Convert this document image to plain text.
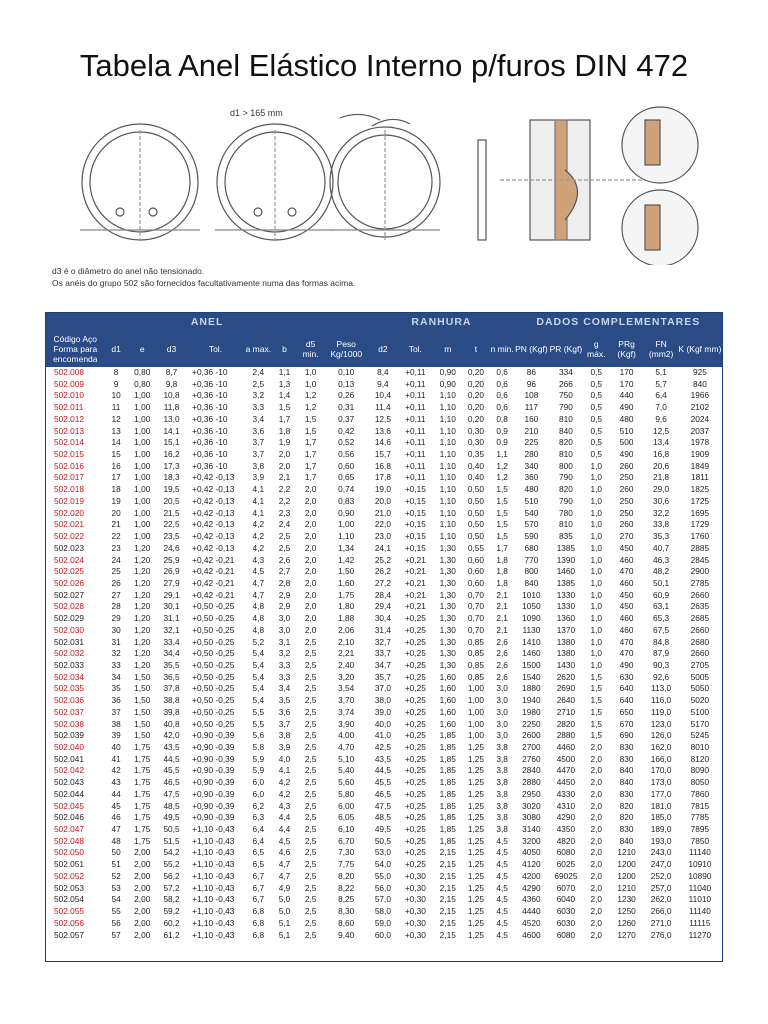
Tabela Anel Elástico Interno p/furos DIN 472
d1 > 165 mm
d3 é o diâmetro do anel não tensionado.
Os anéis do grupo 502 são fornecidos facultativamente numa das formas acima.
ANEL									RANHURA					DADOS COMPLEMENTARES					
Código Aço Forma para encomenda	d1	e	d3	Tol.	a max.	b	d5 min.	Peso Kg/1000	d2	Tol.	m	t	n min.	PN (Kgf)	PR (Kgf)	g máx.	PRg (Kgf)	FN (mm2)	K (Kgf mm)
502.008	8	0,80	8,7	+0,36 -10	2,4	1,1	1,0	0,10	8,4	+0,11	0,90	0,20	0,6	86	334	0,5	170	5,1	925
502.009	9	0,80	9,8	+0,36 -10	2,5	1,3	1,0	0,13	9,4	+0,11	0,90	0,20	0,6	96	266	0,5	170	5,7	840
502.010	10	1,00	10,8	+0,36 -10	3,2	1,4	1,2	0,26	10,4	+0,11	1,10	0,20	0,6	108	750	0,5	440	6,4	1966
502.011	11	1,00	11,8	+0,36 -10	3,3	1,5	1,2	0,31	11,4	+0,11	1,10	0,20	0,6	117	790	0,5	490	7,0	2102
502.012	12	1,00	13,0	+0,36 -10	3,4	1,7	1,5	0,37	12,5	+0,11	1,10	0,20	0,8	160	810	0,5	480	9,6	2024
502.013	13	1,00	14,1	+0,36 -10	3,6	1,8	1,5	0,42	13,6	+0,11	1,10	0,30	0,9	210	840	0,5	510	12,5	2037
502.014	14	1,00	15,1	+0,36 -10	3,7	1,9	1,7	0,52	14,6	+0,11	1,10	0,30	0,9	225	820	0,5	500	13,4	1978
502.015	15	1,00	16,2	+0,36 -10	3,7	2,0	1,7	0,56	15,7	+0,11	1,10	0,35	1,1	280	810	0,5	490	16,8	1909
502.016	16	1,00	17,3	+0,36 -10	3,8	2,0	1,7	0,60	16,8	+0,11	1,10	0,40	1,2	340	800	1,0	260	20,6	1849
502.017	17	1,00	18,3	+0,42 -0,13	3,9	2,1	1,7	0,65	17,8	+0,11	1,10	0,40	1,2	360	790	1,0	250	21,8	1811
502.018	18	1,00	19,5	+0,42 -0,13	4,1	2,2	2,0	0,74	19,0	+0,15	1,10	0,50	1,5	480	820	1,0	260	29,0	1825
502.019	19	1,00	20,5	+0,42 -0,13	4,1	2,2	2,0	0,83	20,0	+0,15	1,10	0,50	1,5	510	790	1,0	250	30,6	1725
502.020	20	1,00	21,5	+0,42 -0,13	4,1	2,3	2,0	0,90	21,0	+0,15	1,10	0,50	1,5	540	780	1,0	250	32,2	1695
502.021	21	1,00	22,5	+0,42 -0,13	4,2	2,4	2,0	1,00	22,0	+0,15	1,10	0,50	1,5	570	810	1,0	260	33,8	1729
502.022	22	1,00	23,5	+0,42 -0,13	4,2	2,5	2,0	1,10	23,0	+0,15	1,10	0,50	1,5	590	835	1,0	270	35,3	1760
502.023	23	1,20	24,6	+0,42 -0,13	4,2	2,5	2,0	1,34	24,1	+0,15	1,30	0,55	1,7	680	1385	1,0	450	40,7	2885
502.024	24	1,20	25,9	+0,42 -0,21	4,3	2,6	2,0	1,42	25,2	+0,21	1,30	0,60	1,8	770	1390	1,0	460	46,3	2845
502.025	25	1,20	26,9	+0,42 -0,21	4,5	2,7	2,0	1,50	26,2	+0,21	1,30	0,60	1,8	800	1460	1,0	470	48,2	2900
502.026	26	1,20	27,9	+0,42 -0,21	4,7	2,8	2,0	1,60	27,2	+0,21	1,30	0,60	1,8	840	1385	1,0	460	50,1	2785
502.027	27	1,20	29,1	+0,42 -0,21	4,7	2,9	2,0	1,75	28,4	+0,21	1,30	0,70	2,1	1010	1330	1,0	450	60,9	2660
502.028	28	1,20	30,1	+0,50 -0,25	4,8	2,9	2,0	1,80	29,4	+0,21	1,30	0,70	2,1	1050	1330	1,0	450	63,1	2635
502.029	29	1,20	31,1	+0,50 -0,25	4,8	3,0	2,0	1,88	30,4	+0,25	1,30	0,70	2,1	1090	1360	1,0	460	65,3	2685
502.030	30	1,20	32,1	+0,50 -0,25	4,8	3,0	2,0	2,06	31,4	+0,25	1,30	0,70	2,1	1130	1370	1,0	460	67,5	2660
502.031	31	1,20	33,4	+0,50 -0,25	5,2	3,1	2,5	2,10	32,7	+0,25	1,30	0,85	2,6	1410	1380	1,0	470	84,8	2680
502.032	32	1,20	34,4	+0,50 -0,25	5,4	3,2	2,5	2,21	33,7	+0,25	1,30	0,85	2,6	1460	1380	1,0	470	87,9	2660
502.033	33	1,20	35,5	+0,50 -0,25	5,4	3,3	2,5	2,40	34,7	+0,25	1,30	0,85	2,6	1500	1430	1,0	490	90,3	2705
502.034	34	1,50	36,5	+0,50 -0,25	5,4	3,3	2,5	3,20	35,7	+0,25	1,60	0,85	2,6	1540	2620	1,5	630	92,6	5005
502.035	35	1,50	37,8	+0,50 -0,25	5,4	3,4	2,5	3,54	37,0	+0,25	1,60	1,00	3,0	1880	2690	1,5	640	113,0	5050
502.036	36	1,50	38,8	+0,50 -0,25	5,4	3,5	2,5	3,70	38,0	+0,25	1,60	1,00	3,0	1940	2640	1,5	640	116,0	5020
502.037	37	1,50	39,8	+0,50 -0,25	5,5	3,6	2,5	3,74	39,0	+0,25	1,60	1,00	3,0	1980	2710	1,5	650	119,0	5100
502.038	38	1,50	40,8	+0,50 -0,25	5,5	3,7	2,5	3,90	40,0	+0,25	1,60	1,00	3,0	2250	2820	1,5	670	123,0	5170
502.039	39	1,50	42,0	+0,90 -0,39	5,6	3,8	2,5	4,00	41,0	+0,25	1,85	1,00	3,0	2600	2880	1,5	690	126,0	5245
502.040	40	1,75	43,5	+0,90 -0,39	5,8	3,9	2,5	4,70	42,5	+0,25	1,85	1,25	3,8	2700	4460	2,0	830	162,0	8010
502.041	41	1,75	44,5	+0,90 -0,39	5,9	4,0	2,5	5,10	43,5	+0,25	1,85	1,25	3,8	2760	4500	2,0	830	166,0	8120
502.042	42	1,75	45,5	+0,90 -0,39	5,9	4,1	2,5	5,40	44,5	+0,25	1,85	1,25	3,8	2840	4470	2,0	840	170,0	8090
502.043	43	1,75	46,5	+0,90 -0,39	6,0	4,2	2,5	5,60	45,5	+0,25	1,85	1,25	3,8	2880	4450	2,0	840	173,0	8050
502.044	44	1,75	47,5	+0,90 -0,39	6,0	4,2	2,5	5,80	46,5	+0,25	1,85	1,25	3,8	2950	4330	2,0	830	177,0	7860
502.045	45	1,75	48,5	+0,90 -0,39	6,2	4,3	2,5	6,00	47,5	+0,25	1,85	1,25	3,8	3020	4310	2,0	820	181,0	7815
502.046	46	1,75	49,5	+0,90 -0,39	6,3	4,4	2,5	6,05	48,5	+0,25	1,85	1,25	3,8	3080	4290	2,0	820	185,0	7785
502.047	47	1,75	50,5	+1,10 -0,43	6,4	4,4	2,5	6,10	49,5	+0,25	1,85	1,25	3,8	3140	4350	2,0	830	189,0	7895
502.048	48	1,75	51,5	+1,10 -0,43	6,4	4,5	2,5	6,70	50,5	+0,25	1,85	1,25	4,5	3200	4820	2,0	840	193,0	7850
502.050	50	2,00	54,2	+1,10 -0,43	6,5	4,6	2,5	7,30	53,0	+0,25	2,15	1,25	4,5	4050	6080	2,0	1210	243,0	11140
502.051	51	2,00	55,2	+1,10 -0,43	6,5	4,7	2,5	7,75	54,0	+0,25	2,15	1,25	4,5	4120	6025	2,0	1200	247,0	10910
502.052	52	2,00	56,2	+1,10 -0,43	6,7	4,7	2,5	8,20	55,0	+0,30	2,15	1,25	4,5	4200	69025	2,0	1200	252,0	10890
502.053	53	2,00	57,2	+1,10 -0,43	6,7	4,9	2,5	8,22	56,0	+0,30	2,15	1,25	4,5	4290	6070	2,0	1210	257,0	11040
502.054	54	2,00	58,2	+1,10 -0,43	6,7	5,0	2,5	8,25	57,0	+0,30	2,15	1,25	4,5	4360	6040	2,0	1230	262,0	11010
502.055	55	2,00	59,2	+1,10 -0,43	6,8	5,0	2,5	8,30	58,0	+0,30	2,15	1,25	4,5	4440	6030	2,0	1250	266,0	11140
502.056	56	2,00	60,2	+1,10 -0,43	6,8	5,1	2,5	8,60	59,0	+0,30	2,15	1,25	4,5	4520	6030	2,0	1260	271,0	11115
502.057	57	2,00	61,2	+1,10 -0,43	6,8	5,1	2,5	9,40	60,0	+0,30	2,15	1,25	4,5	4600	6080	2,0	1270	276,0	11270
